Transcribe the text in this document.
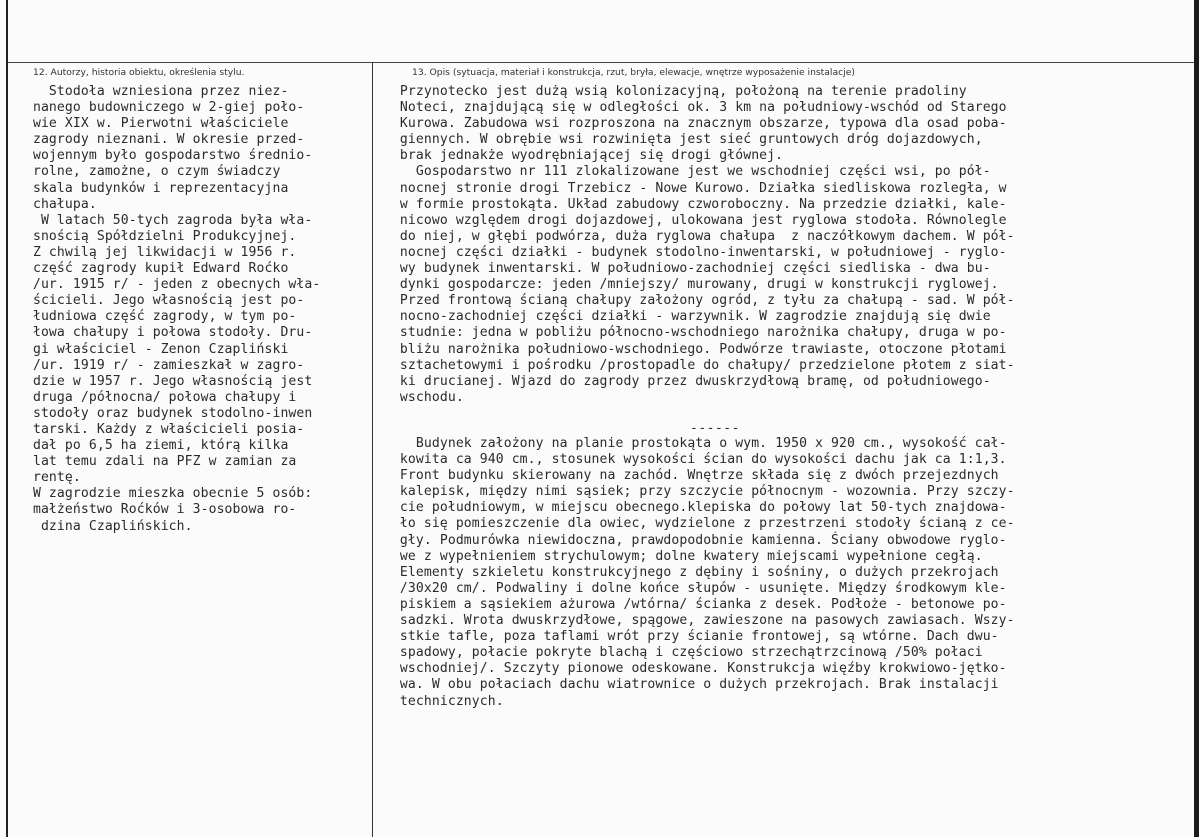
12. Autorzy, historia obiektu, określenia stylu.	13. Opis (sytuacja, materiał i konstrukcja, rzut, bryła, elewacje, wnętrze wyposażenie instalacje)
Stodoła wzniesiona przez niez-
nanego budowniczego w 2-giej poło-
wie XIX w. Pierwotni właściciele
zagrody nieznani. W okresie przed-
wojennym było gospodarstwo średnio-
rolne, zamożne, o czym świadczy
skala budynków i reprezentacyjna
chałupa.
W latach 50-tych zagroda była wła-
snością Spółdzielni Produkcyjnej.
Z chwilą jej likwidacji w 1956 r.
część zagrody kupił Edward Roćko
/ur. 1915 r/ - jeden z obecnych wła-
ścicieli. Jego własnością jest po-
łudniowa część zagrody, w tym po-
łowa chałupy i połowa stodoły. Dru-
gi właściciel - Zenon Czapliński
/ur. 1919 r/ - zamieszkał w zagro-
dzie w 1957 r. Jego własnością jest
druga /północna/ połowa chałupy i
stodoły oraz budynek stodolno-inwen
tarski. Każdy z właścicieli posia-
dał po 6,5 ha ziemi, którą kilka
lat temu zdali na PFZ w zamian za
rentę.
W zagrodzie mieszka obecnie 5 osób:
małżeństwo Roćków i 3-osobowa ro-
dzina Czaplińskich.
Przynotecko jest dużą wsią kolonizacyjną, położoną na terenie pradoliny
Noteci, znajdującą się w odległości ok. 3 km na południowy-wschód od Starego
Kurowa. Zabudowa wsi rozproszona na znacznym obszarze, typowa dla osad poba-
giennych. W obrębie wsi rozwinięta jest sieć gruntowych dróg dojazdowych,
brak jednakże wyodrębniającej się drogi głównej.
Gospodarstwo nr 111 zlokalizowane jest we wschodniej części wsi, po pół-
nocnej stronie drogi Trzebicz - Nowe Kurowo. Działka siedliskowa rozległa, w
w formie prostokąta. Układ zabudowy czworoboczny. Na przedzie działki, kale-
nicowo względem drogi dojazdowej, ulokowana jest ryglowa stodoła. Równolegle
do niej, w głębi podwórza, duża ryglowa chałupa  z naczółkowym dachem. W pół-
nocnej części działki - budynek stodolno-inwentarski, w południowej - ryglo-
wy budynek inwentarski. W południowo-zachodniej części siedliska - dwa bu-
dynki gospodarcze: jeden /mniejszy/ murowany, drugi w konstrukcji ryglowej.
Przed frontową ścianą chałupy założony ogród, z tyłu za chałupą - sad. W pół-
nocno-zachodniej części działki - warzywnik. W zagrodzie znajdują się dwie
studnie: jedna w pobliżu północno-wschodniego narożnika chałupy, druga w po-
bliżu narożnika południowo-wschodniego. Podwórze trawiaste, otoczone płotami
sztachetowymi i pośrodku /prostopadle do chałupy/ przedzielone płotem z siat-
ki drucianej. Wjazd do zagrody przez dwuskrzydłową bramę, od południowego-
wschodu.
------
Budynek założony na planie prostokąta o wym. 1950 x 920 cm., wysokość cał-
kowita ca 940 cm., stosunek wysokości ścian do wysokości dachu jak ca 1:1,3.
Front budynku skierowany na zachód. Wnętrze składa się z dwóch przejezdnych
kalepisk, między nimi sąsiek; przy szczycie północnym - wozownia. Przy szczy-
cie południowym, w miejscu obecnego.klepiska do połowy lat 50-tych znajdowa-
ło się pomieszczenie dla owiec, wydzielone z przestrzeni stodoły ścianą z ce-
gły. Podmurówka niewidoczna, prawdopodobnie kamienna. Ściany obwodowe ryglo-
we z wypełnieniem strychulowym; dolne kwatery miejscami wypełnione cegłą.
Elementy szkieletu konstrukcyjnego z dębiny i sośniny, o dużych przekrojach
/30x20 cm/. Podwaliny i dolne końce słupów - usunięte. Między środkowym kle-
piskiem a sąsiekiem ażurowa /wtórna/ ścianka z desek. Podłoże - betonowe po-
sadzki. Wrota dwuskrzydłowe, spągowe, zawieszone na pasowych zawiasach. Wszy-
stkie tafle, poza taflami wrót przy ścianie frontowej, są wtórne. Dach dwu-
spadowy, połacie pokryte blachą i częściowo strzechątrzcinową /50% połaci
wschodniej/. Szczyty pionowe odeskowane. Konstrukcja więźby krokwiowo-jętko-
wa. W obu połaciach dachu wiatrownice o dużych przekrojach. Brak instalacji
technicznych.
